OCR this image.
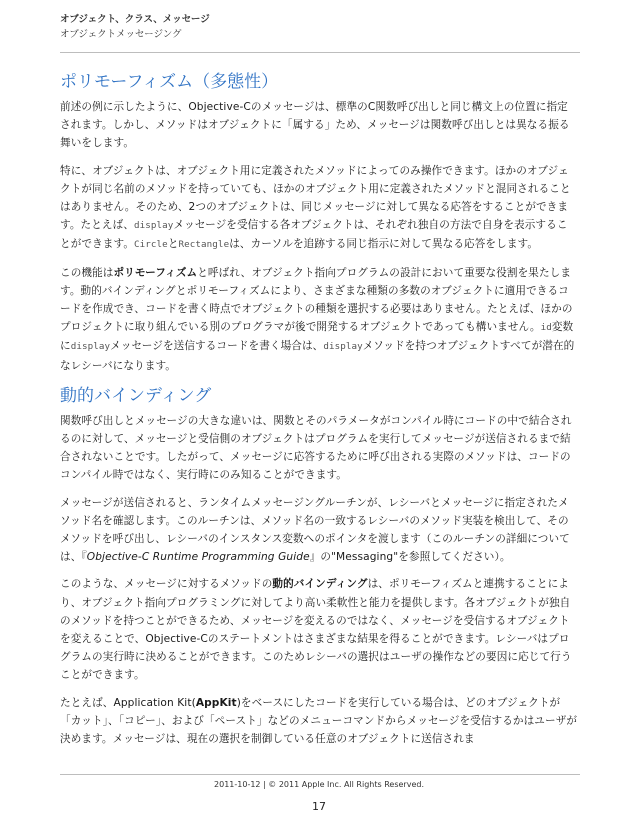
オブジェクト、クラス、メッセージ
オブジェクトメッセージング
ポリモーフィズム（多態性）

前述の例に示したように、Objective-Cのメッセージは、標準のC関数呼び出しと同じ構文上の位置に指定されます。しかし、メソッドはオブジェクトに「属する」ため、メッセージは関数呼び出しとは異なる振る舞いをします。

特に、オブジェクトは、オブジェクト用に定義されたメソッドによってのみ操作できます。ほかのオブジェクトが同じ名前のメソッドを持っていても、ほかのオブジェクト用に定義されたメソッドと混同されることはありません。そのため、2つのオブジェクトは、同じメッセージに対して異なる応答をすることができます。たとえば、displayメッセージを受信する各オブジェクトは、それぞれ独自の方法で自身を表示することができます。CircleとRectangleは、カーソルを追跡する同じ指示に対して異なる応答をします。

この機能はポリモーフィズムと呼ばれ、オブジェクト指向プログラムの設計において重要な役割を果たします。動的バインディングとポリモーフィズムにより、さまざまな種類の多数のオブジェクトに適用できるコードを作成でき、コードを書く時点でオブジェクトの種類を選択する必要はありません。たとえば、ほかのプロジェクトに取り組んでいる別のプログラマが後で開発するオブジェクトであっても構いません。id変数にdisplayメッセージを送信するコードを書く場合は、displayメソッドを持つオブジェクトすべてが潜在的なレシーバになります。

動的バインディング

関数呼び出しとメッセージの大きな違いは、関数とそのパラメータがコンパイル時にコードの中で結合されるのに対して、メッセージと受信側のオブジェクトはプログラムを実行してメッセージが送信されるまで結合されないことです。したがって、メッセージに応答するために呼び出される実際のメソッドは、コードのコンパイル時ではなく、実行時にのみ知ることができます。

メッセージが送信されると、ランタイムメッセージングルーチンが、レシーバとメッセージに指定されたメソッド名を確認します。このルーチンは、メソッド名の一致するレシーバのメソッド実装を検出して、そのメソッドを呼び出し、レシーバのインスタンス変数へのポインタを渡します（このルーチンの詳細については、『Objective-C Runtime Programming Guide』の"Messaging"を参照してください）。

このような、メッセージに対するメソッドの動的バインディングは、ポリモーフィズムと連携することにより、オブジェクト指向プログラミングに対してより高い柔軟性と能力を提供します。各オブジェクトが独自のメソッドを持つことができるため、メッセージを変えるのではなく、メッセージを受信するオブジェクトを変えることで、Objective-Cのステートメントはさまざまな結果を得ることができます。レシーバはプログラムの実行時に決めることができます。このためレシーバの選択はユーザの操作などの要因に応じて行うことができます。

たとえば、Application Kit(AppKit)をベースにしたコードを実行している場合は、どのオブジェクトが「カット」、「コピー」、および「ペースト」などのメニューコマンドからメッセージを受信するかはユーザが決めます。メッセージは、現在の選択を制御している任意のオブジェクトに送信されま

2011-10-12 | © 2011 Apple Inc. All Rights Reserved.
17
